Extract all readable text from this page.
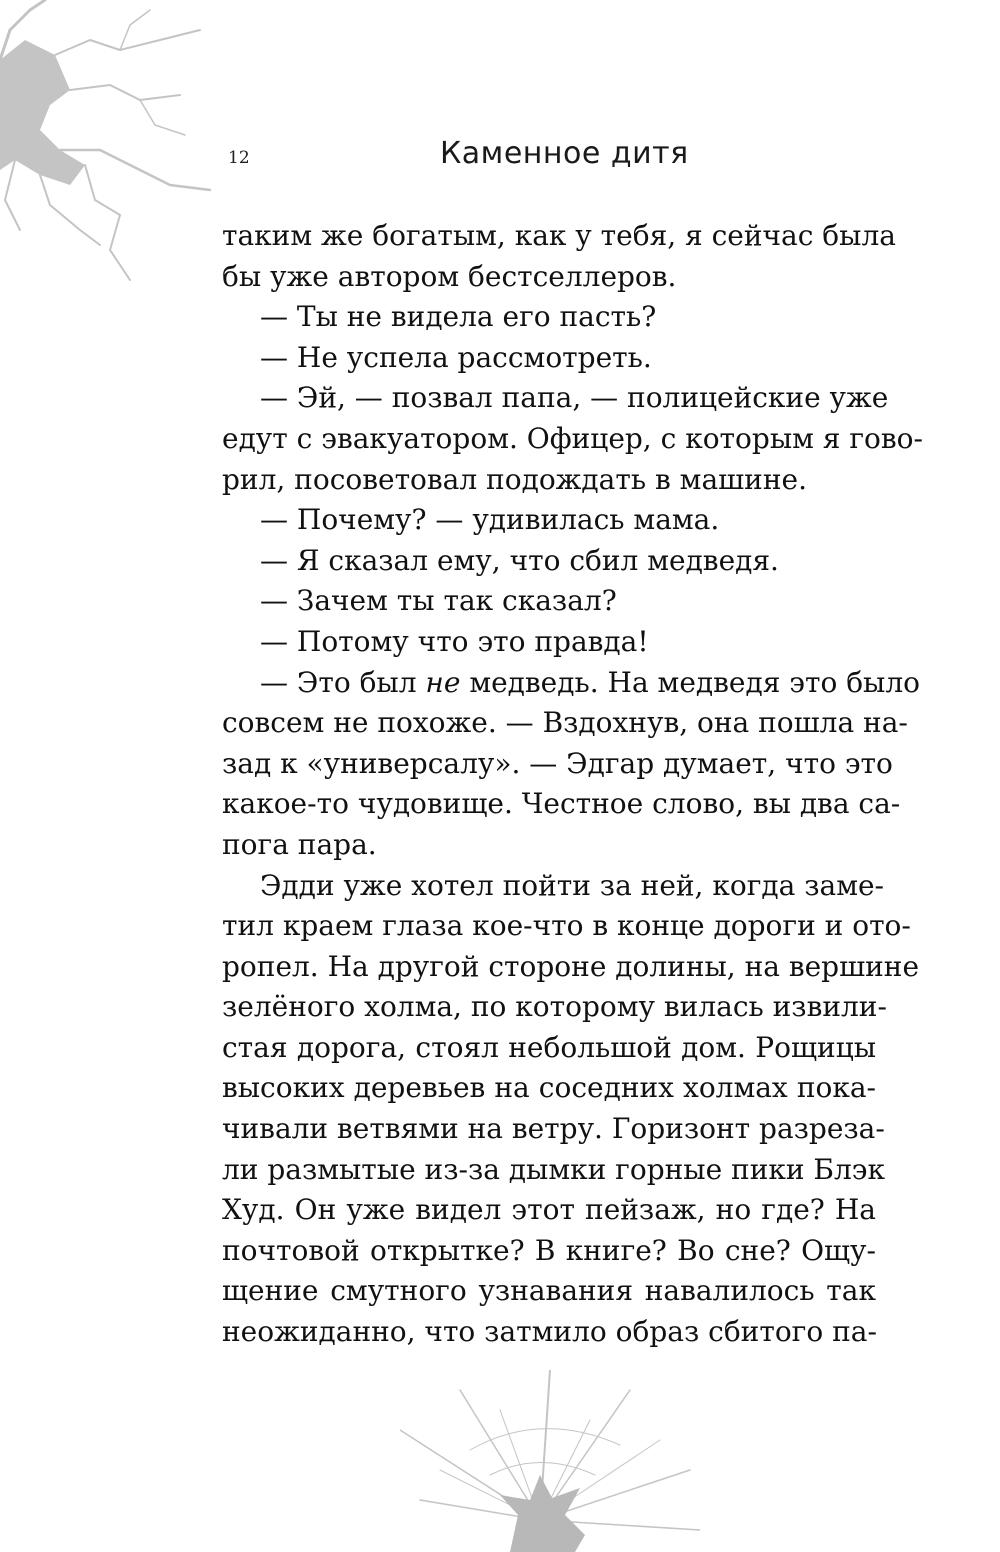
12	Каменное дитя
таким же богатым, как у тебя, я сейчас была
бы уже автором бестселлеров.
— Ты не видела его пасть?
— Не успела рассмотреть.
— Эй, — позвал папа, — полицейские уже
едут с эвакуатором. Офицер, с которым я гово-
рил, посоветовал подождать в машине.
— Почему? — удивилась мама.
— Я сказал ему, что сбил медведя.
— Зачем ты так сказал?
— Потому что это правда!
— Это был не медведь. На медведя это было
совсем не похоже. — Вздохнув, она пошла на-
зад к «универсалу». — Эдгар думает, что это
какое-то чудовище. Честное слово, вы два са-
пога пара.
Эдди уже хотел пойти за ней, когда заме-
тил краем глаза кое-что в конце дороги и ото-
ропел. На другой стороне долины, на вершине
зелёного холма, по которому вилась извили-
стая дорога, стоял небольшой дом. Рощицы
высоких деревьев на соседних холмах пока-
чивали ветвями на ветру. Горизонт разреза-
ли размытые из-за дымки горные пики Блэк
Худ. Он уже видел этот пейзаж, но где? На
почтовой открытке? В книге? Во сне? Ощу-
щение смутного узнавания навалилось так
неожиданно, что затмило образ сбитого па-
